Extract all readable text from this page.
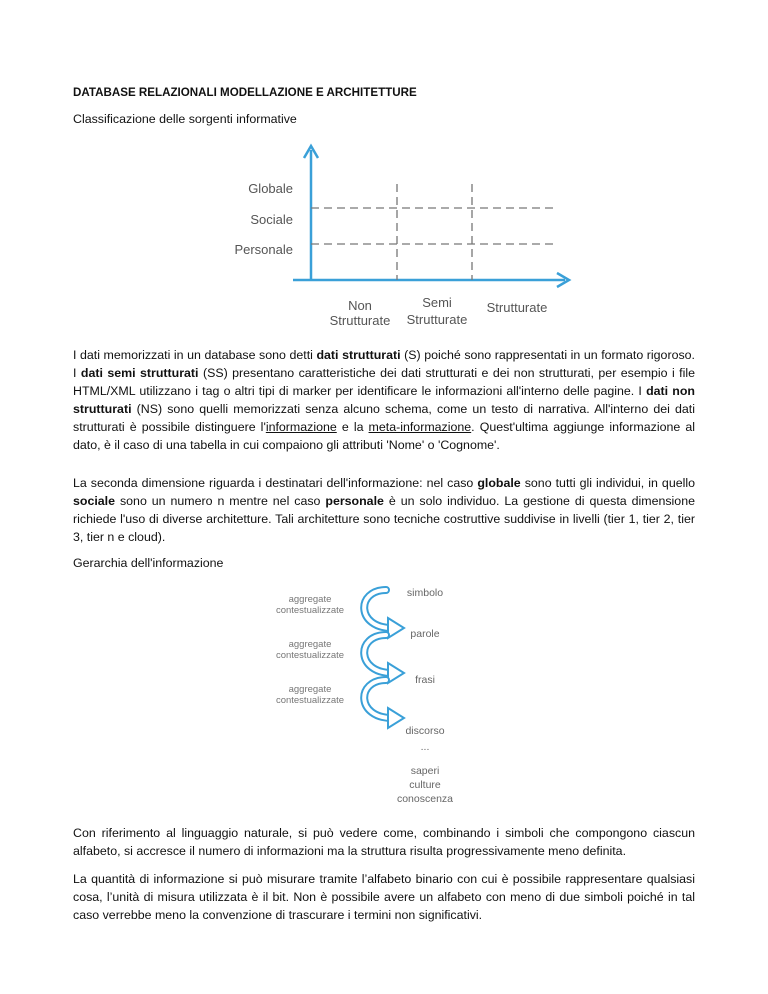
DATABASE RELAZIONALI MODELLAZIONE E ARCHITETTURE

Classificazione delle sorgenti informative

Globale
Sociale
Personale
Non
Strutturate
Semi
Strutturate
Strutturate

I dati memorizzati in un database sono detti dati strutturati (S) poiché sono rappresentati in un formato rigoroso. I dati semi strutturati (SS) presentano caratteristiche dei dati strutturati e dei non strutturati, per esempio i file HTML/XML utilizzano i tag o altri tipi di marker per identificare le informazioni all'interno delle pagine. I dati non strutturati (NS) sono quelli memorizzati senza alcuno schema, come un testo di narrativa. All'interno dei dati strutturati è possibile distinguere l'informazione e la meta-informazione. Quest'ultima aggiunge informazione al dato, è il caso di una tabella in cui compaiono gli attributi 'Nome' o 'Cognome'.

La seconda dimensione riguarda i destinatari dell'informazione: nel caso globale sono tutti gli individui, in quello sociale sono un numero n mentre nel caso personale è un solo individuo. La gestione di questa dimensione richiede l'uso di diverse architetture. Tali architetture sono tecniche costruttive suddivise in livelli (tier 1, tier 2, tier 3, tier n e cloud).

Gerarchia dell'informazione

aggregate
contestualizzate
aggregate
contestualizzate
aggregate
contestualizzate
simbolo
parole
frasi
discorso
...
saperi
culture
conoscenza

Con riferimento al linguaggio naturale, si può vedere come, combinando i simboli che compongono ciascun alfabeto, si accresce il numero di informazioni ma la struttura risulta progressivamente meno definita.

La quantità di informazione si può misurare tramite l’alfabeto binario con cui è possibile rappresentare qualsiasi cosa, l’unità di misura utilizzata è il bit. Non è possibile avere un alfabeto con meno di due simboli poiché in tal caso verrebbe meno la convenzione di trascurare i termini non significativi.
